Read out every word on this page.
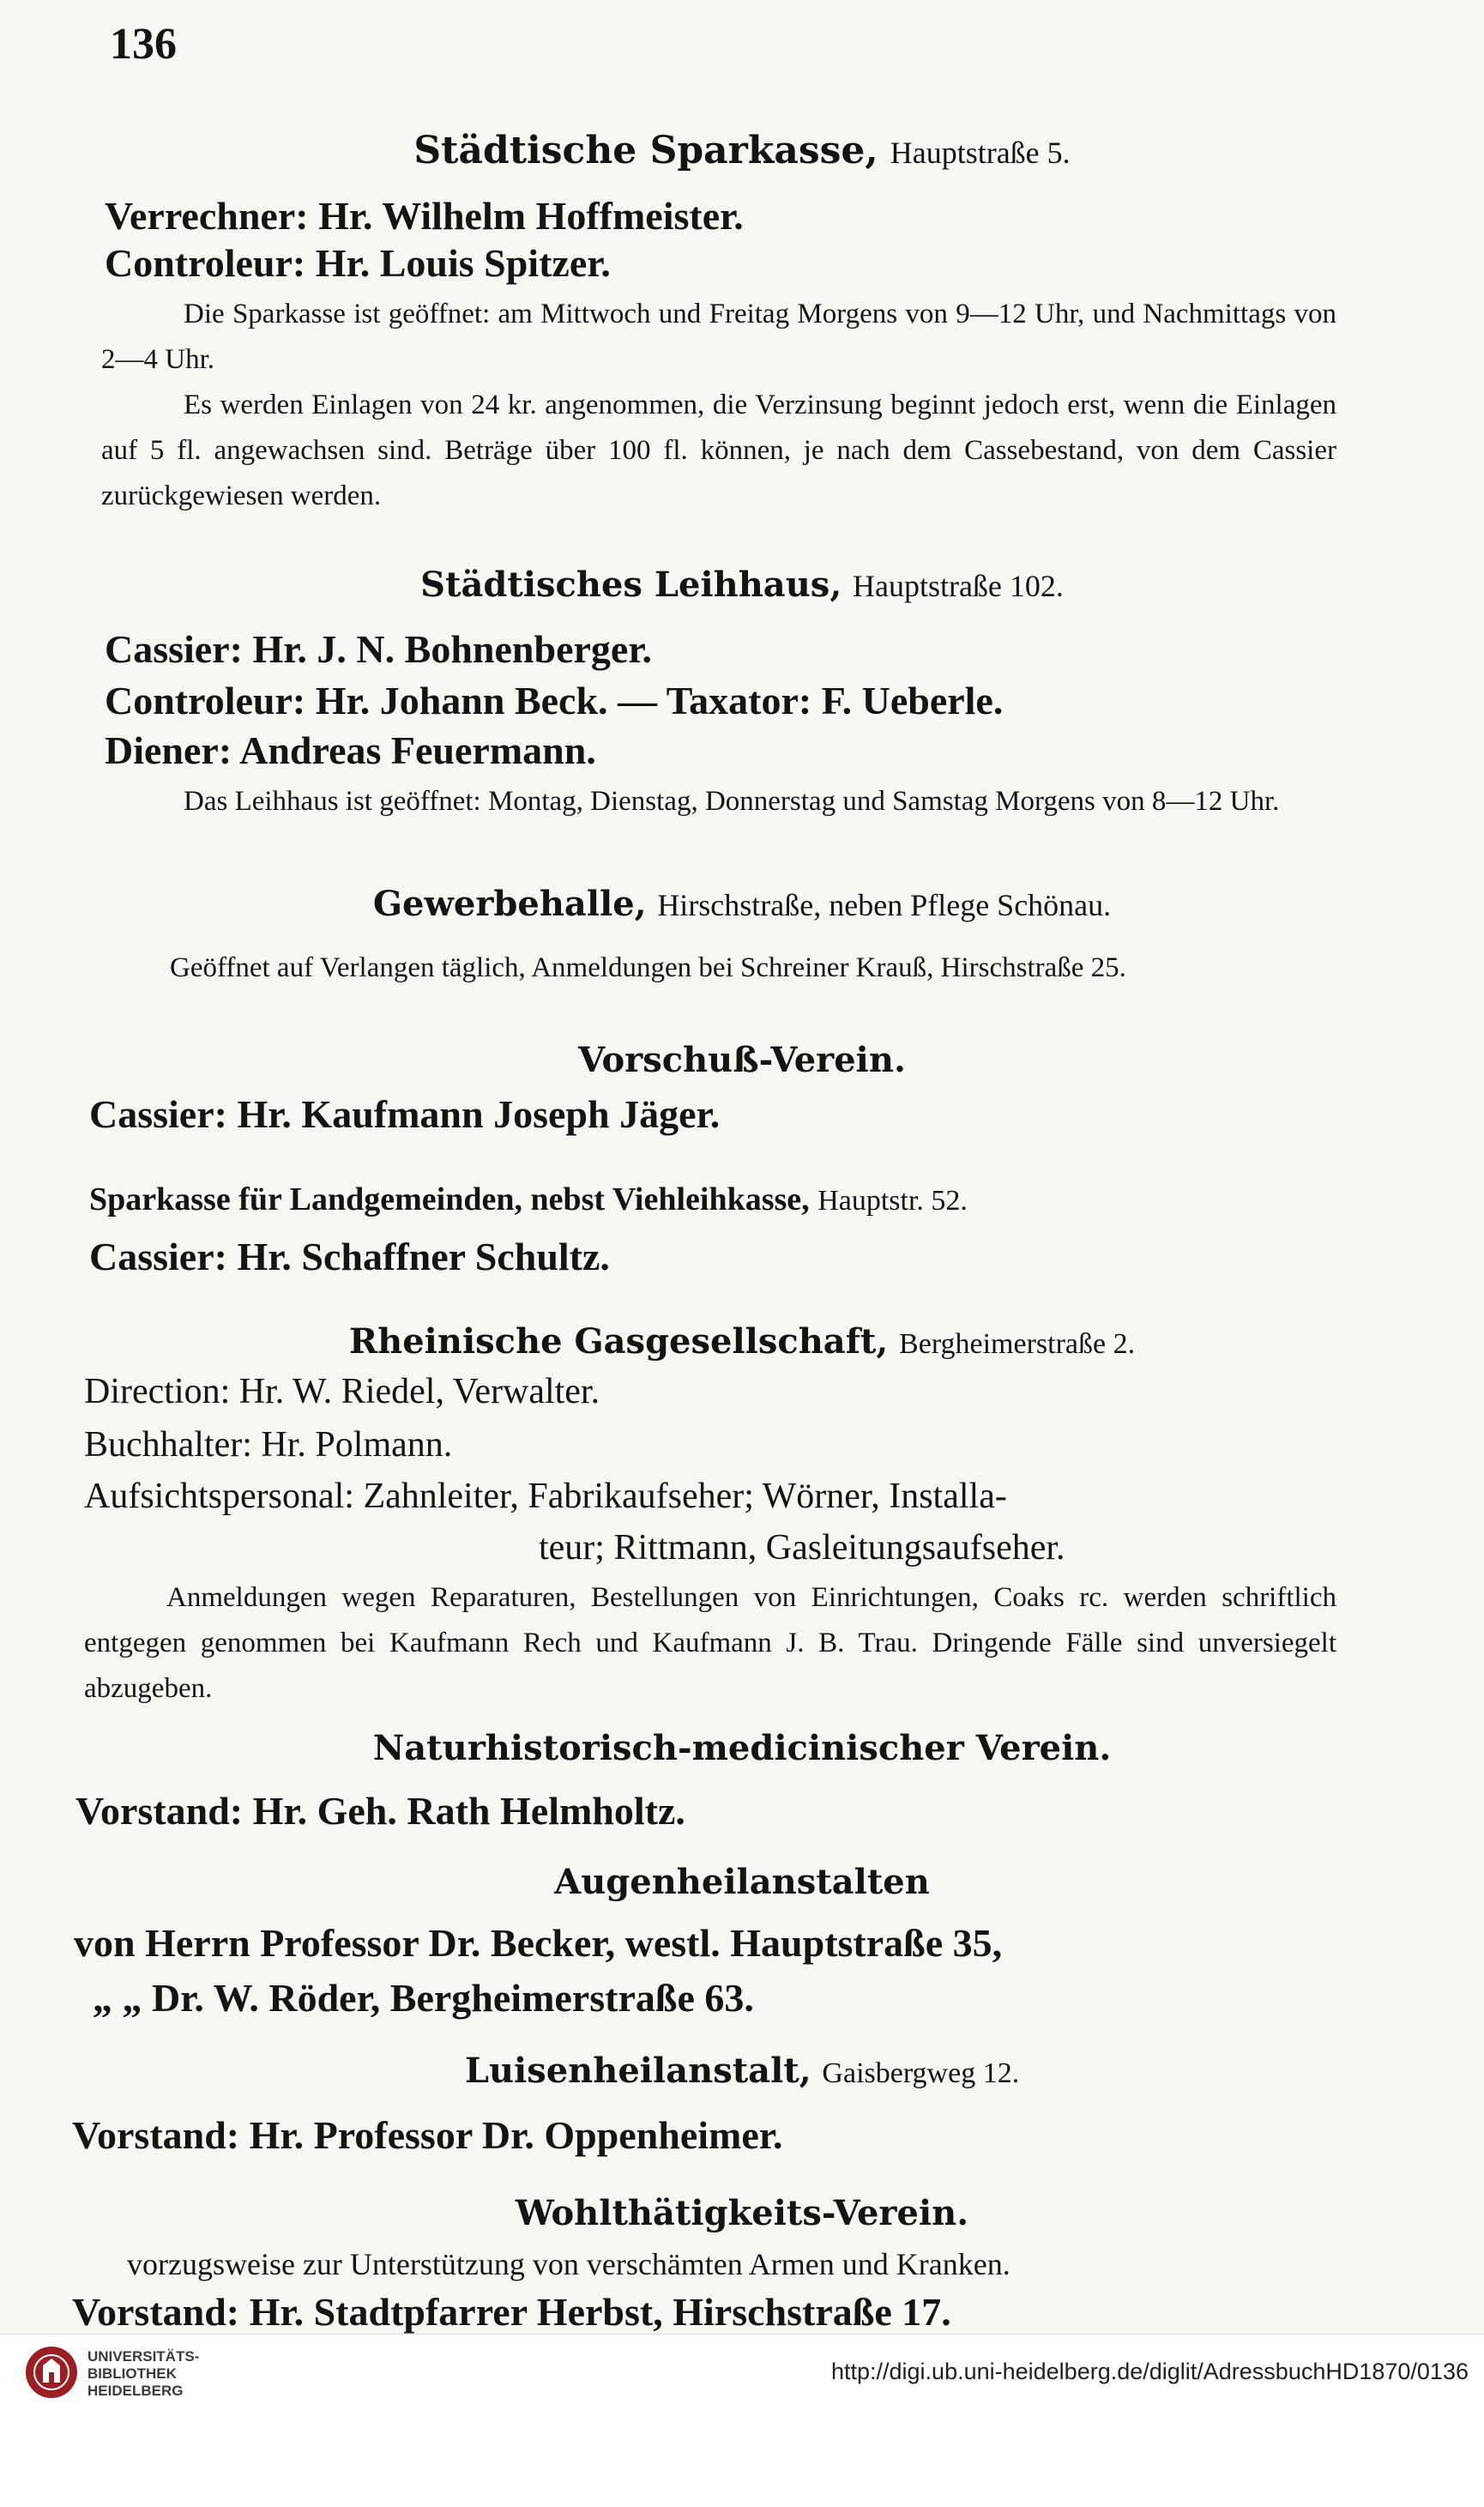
136
Städtische Sparkasse, Hauptstraße 5.
Verrechner: Hr. Wilhelm Hoffmeister.
Controleur: Hr. Louis Spitzer.

Die Sparkasse ist geöffnet: am Mittwoch und Freitag Morgens von 9—12 Uhr, und Nachmittags von 2—4 Uhr.

Es werden Einlagen von 24 kr. angenommen, die Verzinsung beginnt jedoch erst, wenn die Einlagen auf 5 fl. angewachsen sind. Beträge über 100 fl. können, je nach dem Cassebestand, von dem Cassier zurückgewiesen werden.

Städtisches Leihhaus, Hauptstraße 102.
Cassier: Hr. J. N. Bohnenberger.
Controleur: Hr. Johann Beck. — Taxator: F. Ueberle.
Diener: Andreas Feuermann.

Das Leihhaus ist geöffnet: Montag, Dienstag, Donnerstag und Samstag Morgens von 8—12 Uhr.

Gewerbehalle, Hirschstraße, neben Pflege Schönau.

Geöffnet auf Verlangen täglich, Anmeldungen bei Schreiner Krauß, Hirschstraße 25.

Vorschuß-Verein.
Cassier: Hr. Kaufmann Joseph Jäger.
Sparkasse für Landgemeinden, nebst Viehleihkasse, Hauptstr. 52.
Cassier: Hr. Schaffner Schultz.
Rheinische Gasgesellschaft, Bergheimerstraße 2.
Direction: Hr. W. Riedel, Verwalter.
Buchhalter: Hr. Polmann.
Aufsichtspersonal: Zahnleiter, Fabrikaufseher; Wörner, Installa-
teur; Rittmann, Gasleitungsaufseher.

Anmeldungen wegen Reparaturen, Bestellungen von Einrichtungen, Coaks rc. werden schriftlich entgegen genommen bei Kaufmann Rech und Kaufmann J. B. Trau. Dringende Fälle sind unversiegelt abzugeben.

Naturhistorisch-medicinischer Verein.
Vorstand: Hr. Geh. Rath Helmholtz.
Augenheilanstalten
von Herrn Professor Dr. Becker, westl. Hauptstraße 35,
„ „ Dr. W. Röder, Bergheimerstraße 63.
Luisenheilanstalt, Gaisbergweg 12.
Vorstand: Hr. Professor Dr. Oppenheimer.
Wohlthätigkeits-Verein.
vorzugsweise zur Unterstützung von verschämten Armen und Kranken.
Vorstand: Hr. Stadtpfarrer Herbst, Hirschstraße 17.
UNIVERSITÄTS-
BIBLIOTHEK
HEIDELBERG
http://digi.ub.uni-heidelberg.de/diglit/AdressbuchHD1870/0136
